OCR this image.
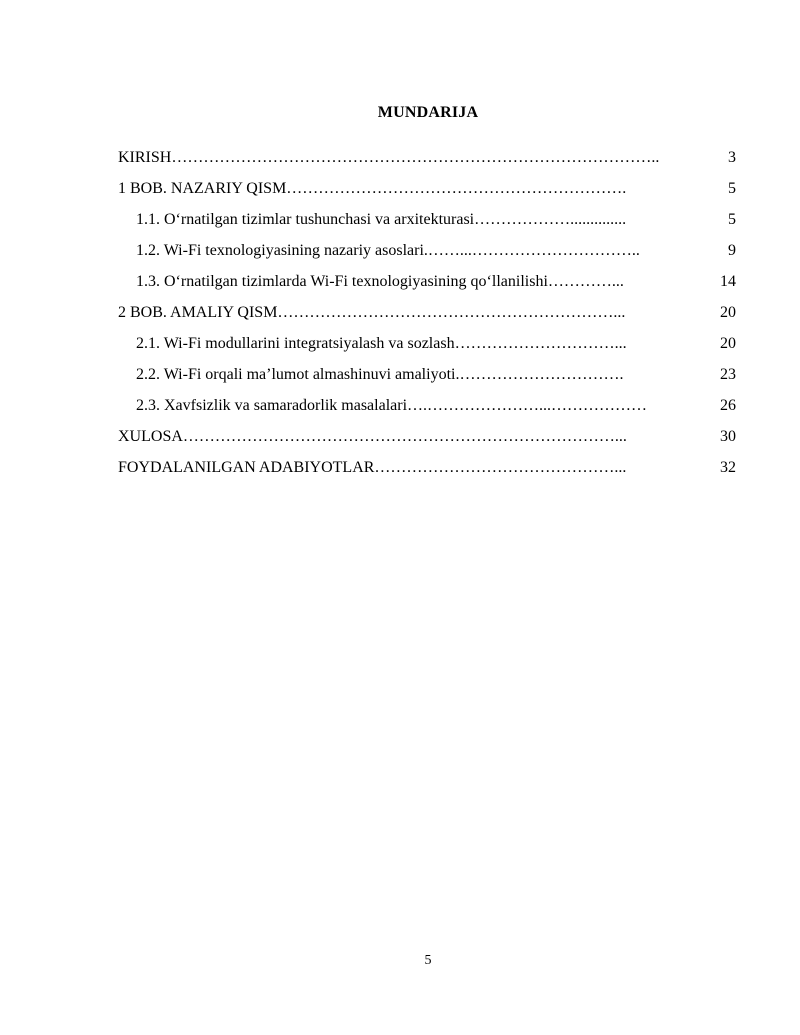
MUNDARIJA
KIRISH………………………………………………………………………………..	3
1 BOB. NAZARIY QISM……………………………………………………….	5
1.1. O‘rnatilgan tizimlar tushunchasi va arxitekturasi………………..............	5
1.2. Wi-Fi texnologiyasining nazariy asoslari.……...…………………………..	9
1.3. O‘rnatilgan tizimlarda Wi-Fi texnologiyasining qo‘llanilishi…………...	14
2 BOB. AMALIY QISM………………………………………………………...	20
2.1. Wi-Fi modullarini integratsiyalash va sozlash…………………………...	20
2.2. Wi-Fi orqali ma’lumot almashinuvi amaliyoti.………………………….	23
2.3. Xavfsizlik va samaradorlik masalalari….…………………...………………	26
XULOSA………………………………………………………………………...	30
FOYDALANILGAN ADABIYOTLAR………………………………………...	32
5
